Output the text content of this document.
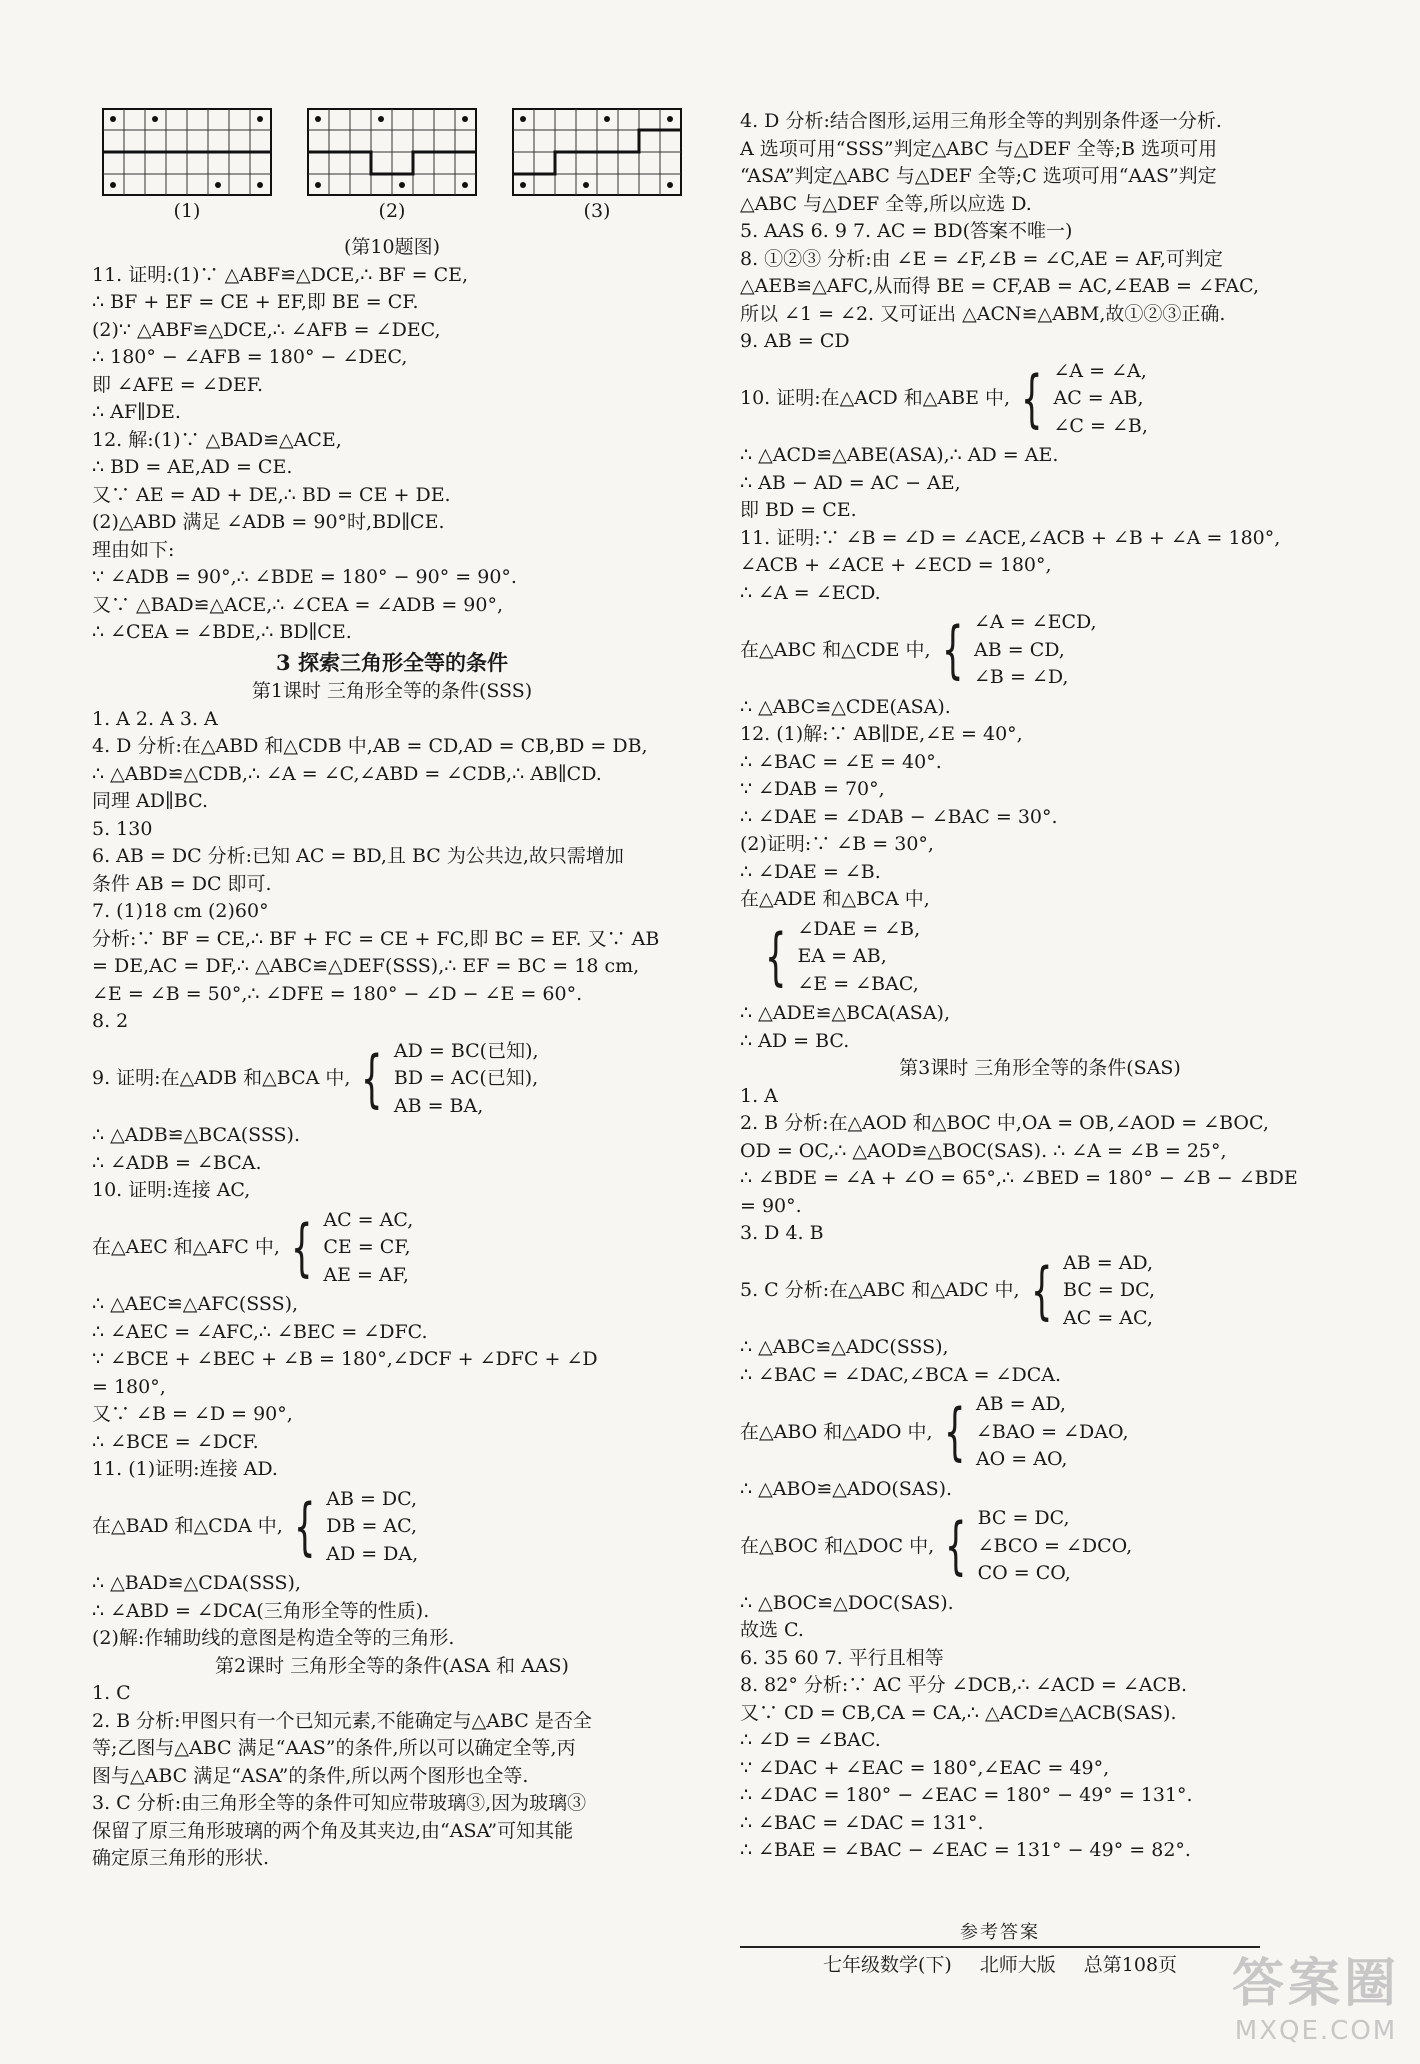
(1)	(2)	(3)
(第10题图)
11. 证明:(1)∵ △ABF≌△DCE,∴ BF = CE,
∴ BF + EF = CE + EF,即 BE = CF.
(2)∵ △ABF≌△DCE,∴ ∠AFB = ∠DEC,
∴ 180° − ∠AFB = 180° − ∠DEC,
即 ∠AFE = ∠DEF.
∴ AF∥DE.
12. 解:(1)∵ △BAD≌△ACE,
∴ BD = AE,AD = CE.
又∵ AE = AD + DE,∴ BD = CE + DE.
(2)△ABD 满足 ∠ADB = 90°时,BD∥CE.
理由如下:
∵ ∠ADB = 90°,∴ ∠BDE = 180° − 90° = 90°.
又∵ △BAD≌△ACE,∴ ∠CEA = ∠ADB = 90°,
∴ ∠CEA = ∠BDE,∴ BD∥CE.
3 探索三角形全等的条件
第1课时 三角形全等的条件(SSS)
1. A 2. A 3. A
4. D 分析:在△ABD 和△CDB 中,AB = CD,AD = CB,BD = DB,
∴ △ABD≌△CDB,∴ ∠A = ∠C,∠ABD = ∠CDB,∴ AB∥CD.
同理 AD∥BC.
5. 130
6. AB = DC 分析:已知 AC = BD,且 BC 为公共边,故只需增加
条件 AB = DC 即可.
7. (1)18 cm (2)60°
分析:∵ BF = CE,∴ BF + FC = CE + FC,即 BC = EF. 又∵ AB
= DE,AC = DF,∴ △ABC≌△DEF(SSS),∴ EF = BC = 18 cm,
∠E = ∠B = 50°,∴ ∠DFE = 180° − ∠D − ∠E = 60°.
8. 2
9. 证明:在△ADB 和△BCA 中, { AD = BC(已知),
BD = AC(已知),
AB = BA,
∴ △ADB≌△BCA(SSS).
∴ ∠ADB = ∠BCA.
10. 证明:连接 AC,
在△AEC 和△AFC 中, { AC = AC,
CE = CF,
AE = AF,
∴ △AEC≌△AFC(SSS),
∴ ∠AEC = ∠AFC,∴ ∠BEC = ∠DFC.
∵ ∠BCE + ∠BEC + ∠B = 180°,∠DCF + ∠DFC + ∠D
= 180°,
又∵ ∠B = ∠D = 90°,
∴ ∠BCE = ∠DCF.
11. (1)证明:连接 AD.
在△BAD 和△CDA 中, { AB = DC,
DB = AC,
AD = DA,
∴ △BAD≌△CDA(SSS),
∴ ∠ABD = ∠DCA(三角形全等的性质).
(2)解:作辅助线的意图是构造全等的三角形.
第2课时 三角形全等的条件(ASA 和 AAS)
1. C
2. B 分析:甲图只有一个已知元素,不能确定与△ABC 是否全
等;乙图与△ABC 满足“AAS”的条件,所以可以确定全等,丙
图与△ABC 满足“ASA”的条件,所以两个图形也全等.
3. C 分析:由三角形全等的条件可知应带玻璃③,因为玻璃③
保留了原三角形玻璃的两个角及其夹边,由“ASA”可知其能
确定原三角形的形状.
4. D 分析:结合图形,运用三角形全等的判别条件逐一分析.
A 选项可用“SSS”判定△ABC 与△DEF 全等;B 选项可用
“ASA”判定△ABC 与△DEF 全等;C 选项可用“AAS”判定
△ABC 与△DEF 全等,所以应选 D.
5. AAS 6. 9 7. AC = BD(答案不唯一)
8. ①②③ 分析:由 ∠E = ∠F,∠B = ∠C,AE = AF,可判定
△AEB≌△AFC,从而得 BE = CF,AB = AC,∠EAB = ∠FAC,
所以 ∠1 = ∠2. 又可证出 △ACN≌△ABM,故①②③正确.
9. AB = CD
10. 证明:在△ACD 和△ABE 中, { ∠A = ∠A,
AC = AB,
∠C = ∠B,
∴ △ACD≌△ABE(ASA),∴ AD = AE.
∴ AB − AD = AC − AE,
即 BD = CE.
11. 证明:∵ ∠B = ∠D = ∠ACE,∠ACB + ∠B + ∠A = 180°,
∠ACB + ∠ACE + ∠ECD = 180°,
∴ ∠A = ∠ECD.
在△ABC 和△CDE 中, { ∠A = ∠ECD,
AB = CD,
∠B = ∠D,
∴ △ABC≌△CDE(ASA).
12. (1)解:∵ AB∥DE,∠E = 40°,
∴ ∠BAC = ∠E = 40°.
∵ ∠DAB = 70°,
∴ ∠DAE = ∠DAB − ∠BAC = 30°.
(2)证明:∵ ∠B = 30°,
∴ ∠DAE = ∠B.
在△ADE 和△BCA 中,
{ ∠DAE = ∠B,
EA = AB,
∠E = ∠BAC,
∴ △ADE≌△BCA(ASA),
∴ AD = BC.
第3课时 三角形全等的条件(SAS)
1. A
2. B 分析:在△AOD 和△BOC 中,OA = OB,∠AOD = ∠BOC,
OD = OC,∴ △AOD≌△BOC(SAS). ∴ ∠A = ∠B = 25°,
∴ ∠BDE = ∠A + ∠O = 65°,∴ ∠BED = 180° − ∠B − ∠BDE
= 90°.
3. D 4. B
5. C 分析:在△ABC 和△ADC 中, { AB = AD,
BC = DC,
AC = AC,
∴ △ABC≌△ADC(SSS),
∴ ∠BAC = ∠DAC,∠BCA = ∠DCA.
在△ABO 和△ADO 中, { AB = AD,
∠BAO = ∠DAO,
AO = AO,
∴ △ABO≌△ADO(SAS).
在△BOC 和△DOC 中, { BC = DC,
∠BCO = ∠DCO,
CO = CO,
∴ △BOC≌△DOC(SAS).
故选 C.
6. 35 60 7. 平行且相等
8. 82° 分析:∵ AC 平分 ∠DCB,∴ ∠ACD = ∠ACB.
又∵ CD = CB,CA = CA,∴ △ACD≌△ACB(SAS).
∴ ∠D = ∠BAC.
∵ ∠DAC + ∠EAC = 180°,∠EAC = 49°,
∴ ∠DAC = 180° − ∠EAC = 180° − 49° = 131°.
∴ ∠BAC = ∠DAC = 131°.
∴ ∠BAE = ∠BAC − ∠EAC = 131° − 49° = 82°.
参考答案
七年级数学(下) 北师大版 总第108页 答案圈
MXQE.COM
